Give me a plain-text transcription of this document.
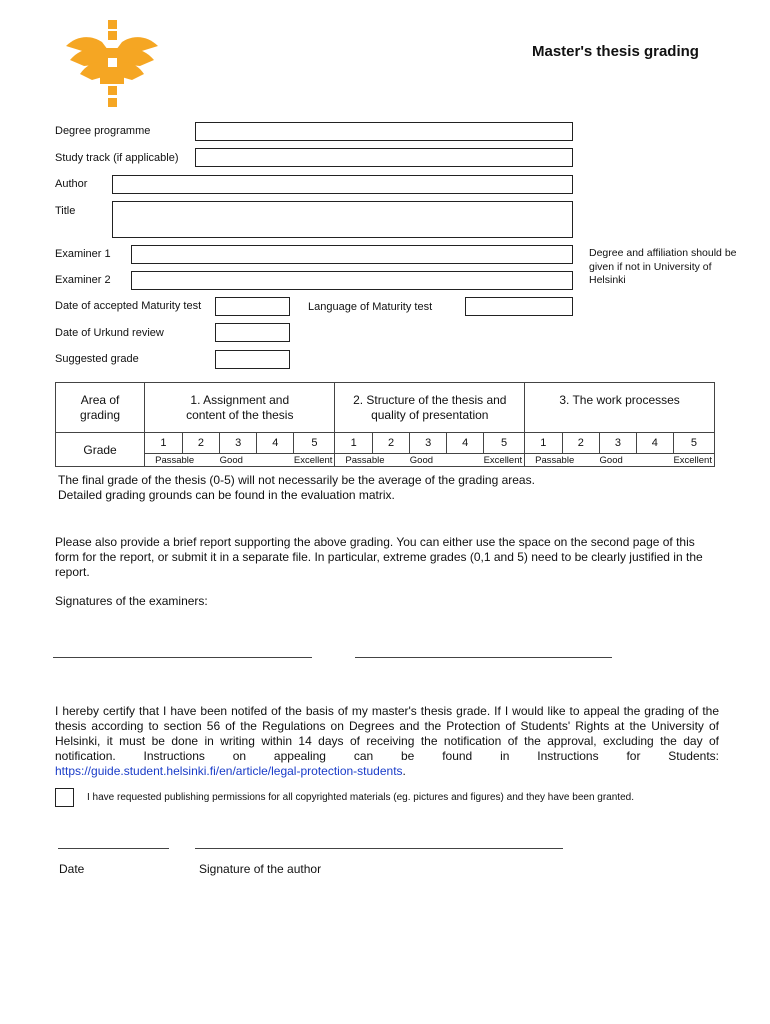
Master's thesis grading
Degree programme
Study track (if applicable)
Author
Title
Examiner 1
Examiner 2
Degree and affiliation should be given if not in University of Helsinki
Date of accepted Maturity test	Language of Maturity test
Date of Urkund review
Suggested grade
Area of grading	1. Assignment and content of the thesis					2. Structure of the thesis and quality of presentation					3. The work processes				
Grade	1	2	3	4	5	1	2	3	4	5	1	2	3	4	5
	Passable		Good		Excellent	Passable		Good		Excellent	Passable		Good		Excellent
The final grade of the thesis (0-5) will not necessarily be the average of the grading areas.
Detailed grading grounds can be found in the evaluation matrix.
Please also provide a brief report supporting the above grading. You can either use the space on the second page of this form for the report, or submit it in a separate file. In particular, extreme grades (0,1 and 5) need to be clearly justified in the report.
Signatures of the examiners:
I hereby certify that I have been notifed of the basis of my master's thesis grade. If I would like to appeal the grading of the thesis according to section 56 of the Regulations on Degrees and the Protection of Students' Rights at the University of Helsinki, it must be done in writing within 14 days of receiving the notification of the approval, excluding the day of notification. Instructions on appealing can be found in Instructions for Students: https://guide.student.helsinki.fi/en/article/legal-protection-students.
I have requested publishing permissions for all copyrighted materials (eg. pictures and figures) and they have been granted.
Date	Signature of the author
